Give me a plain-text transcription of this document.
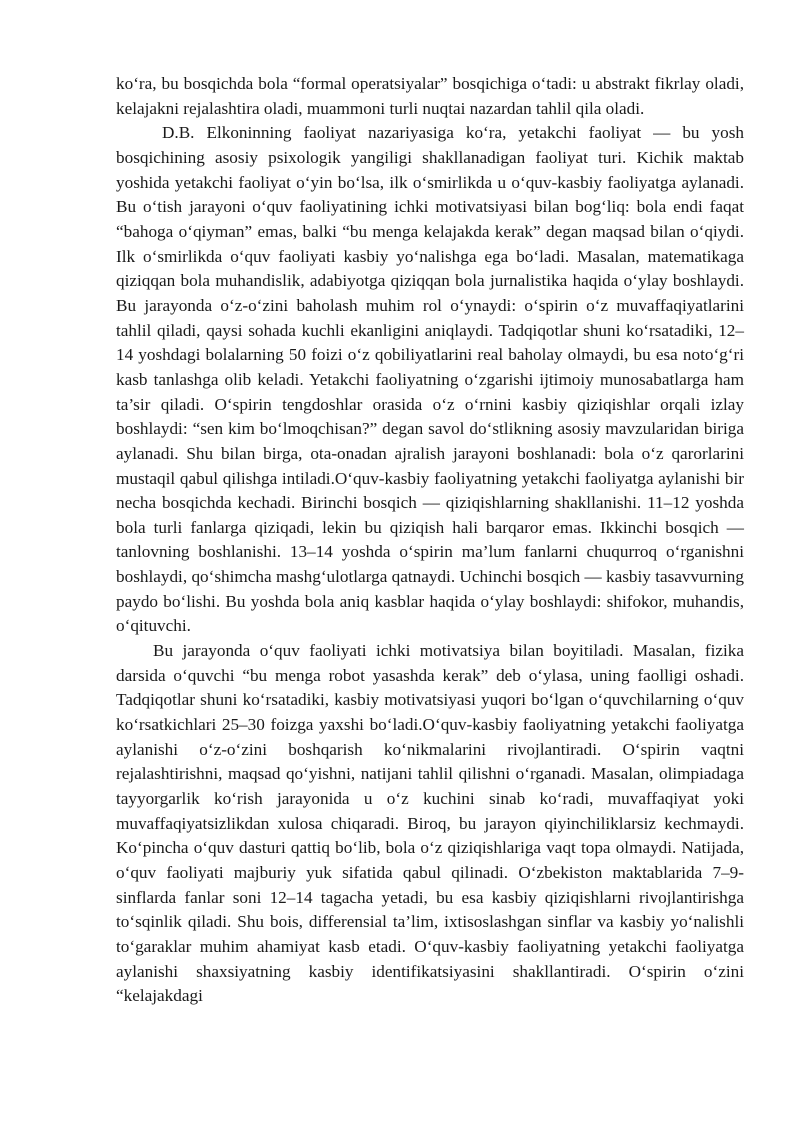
ko‘ra, bu bosqichda bola “formal operatsiyalar” bosqichiga o‘tadi: u abstrakt fikrlay oladi, kelajakni rejalashtira oladi, muammoni turli nuqtai nazardan tahlil qila oladi.

D.B. Elkoninning faoliyat nazariyasiga ko‘ra, yetakchi faoliyat — bu yosh bosqichining asosiy psixologik yangiligi shakllanadigan faoliyat turi. Kichik maktab yoshida yetakchi faoliyat o‘yin bo‘lsa, ilk o‘smirlikda u o‘quv-kasbiy faoliyatga aylanadi. Bu o‘tish jarayoni o‘quv faoliyatining ichki motivatsiyasi bilan bog‘liq: bola endi faqat “bahoga o‘qiyman” emas, balki “bu menga kelajakda kerak” degan maqsad bilan o‘qiydi. Ilk o‘smirlikda o‘quv faoliyati kasbiy yo‘nalishga ega bo‘ladi. Masalan, matematikaga qiziqqan bola muhandislik, adabiyotga qiziqqan bola jurnalistika haqida o‘ylay boshlaydi. Bu jarayonda o‘z-o‘zini baholash muhim rol o‘ynaydi: o‘spirin o‘z muvaffaqiyatlarini tahlil qiladi, qaysi sohada kuchli ekanligini aniqlaydi. Tadqiqotlar shuni ko‘rsatadiki, 12–14 yoshdagi bolalarning 50 foizi o‘z qobiliyatlarini real baholay olmaydi, bu esa noto‘g‘ri kasb tanlashga olib keladi. Yetakchi faoliyatning o‘zgarishi ijtimoiy munosabatlarga ham ta’sir qiladi. O‘spirin tengdoshlar orasida o‘z o‘rnini kasbiy qiziqishlar orqali izlay boshlaydi: “sen kim bo‘lmoqchisan?” degan savol do‘stlikning asosiy mavzularidan biriga aylanadi. Shu bilan birga, ota-onadan ajralish jarayoni boshlanadi: bola o‘z qarorlarini mustaqil qabul qilishga intiladi.O‘quv-kasbiy faoliyatning yetakchi faoliyatga aylanishi bir necha bosqichda kechadi. Birinchi bosqich — qiziqishlarning shakllanishi. 11–12 yoshda bola turli fanlarga qiziqadi, lekin bu qiziqish hali barqaror emas. Ikkinchi bosqich — tanlovning boshlanishi. 13–14 yoshda o‘spirin ma’lum fanlarni chuqurroq o‘rganishni boshlaydi, qo‘shimcha mashg‘ulotlarga qatnaydi. Uchinchi bosqich — kasbiy tasavvurning paydo bo‘lishi. Bu yoshda bola aniq kasblar haqida o‘ylay boshlaydi: shifokor, muhandis, o‘qituvchi.

Bu jarayonda o‘quv faoliyati ichki motivatsiya bilan boyitiladi. Masalan, fizika darsida o‘quvchi “bu menga robot yasashda kerak” deb o‘ylasa, uning faolligi oshadi. Tadqiqotlar shuni ko‘rsatadiki, kasbiy motivatsiyasi yuqori bo‘lgan o‘quvchilarning o‘quv ko‘rsatkichlari 25–30 foizga yaxshi bo‘ladi.O‘quv-kasbiy faoliyatning yetakchi faoliyatga aylanishi o‘z-o‘zini boshqarish ko‘nikmalarini rivojlantiradi. O‘spirin vaqtni rejalashtirishni, maqsad qo‘yishni, natijani tahlil qilishni o‘rganadi. Masalan, olimpiadaga tayyorgarlik ko‘rish jarayonida u o‘z kuchini sinab ko‘radi, muvaffaqiyat yoki muvaffaqiyatsizlikdan xulosa chiqaradi. Biroq, bu jarayon qiyinchiliklarsiz kechmaydi. Ko‘pincha o‘quv dasturi qattiq bo‘lib, bola o‘z qiziqishlariga vaqt topa olmaydi. Natijada, o‘quv faoliyati majburiy yuk sifatida qabul qilinadi. O‘zbekiston maktablarida 7–9-sinflarda fanlar soni 12–14 tagacha yetadi, bu esa kasbiy qiziqishlarni rivojlantirishga to‘sqinlik qiladi. Shu bois, differensial ta’lim, ixtisoslashgan sinflar va kasbiy yo‘nalishli to‘garaklar muhim ahamiyat kasb etadi. O‘quv-kasbiy faoliyatning yetakchi faoliyatga aylanishi shaxsiyatning kasbiy identifikatsiyasini shakllantiradi. O‘spirin o‘zini “kelajakdagi
